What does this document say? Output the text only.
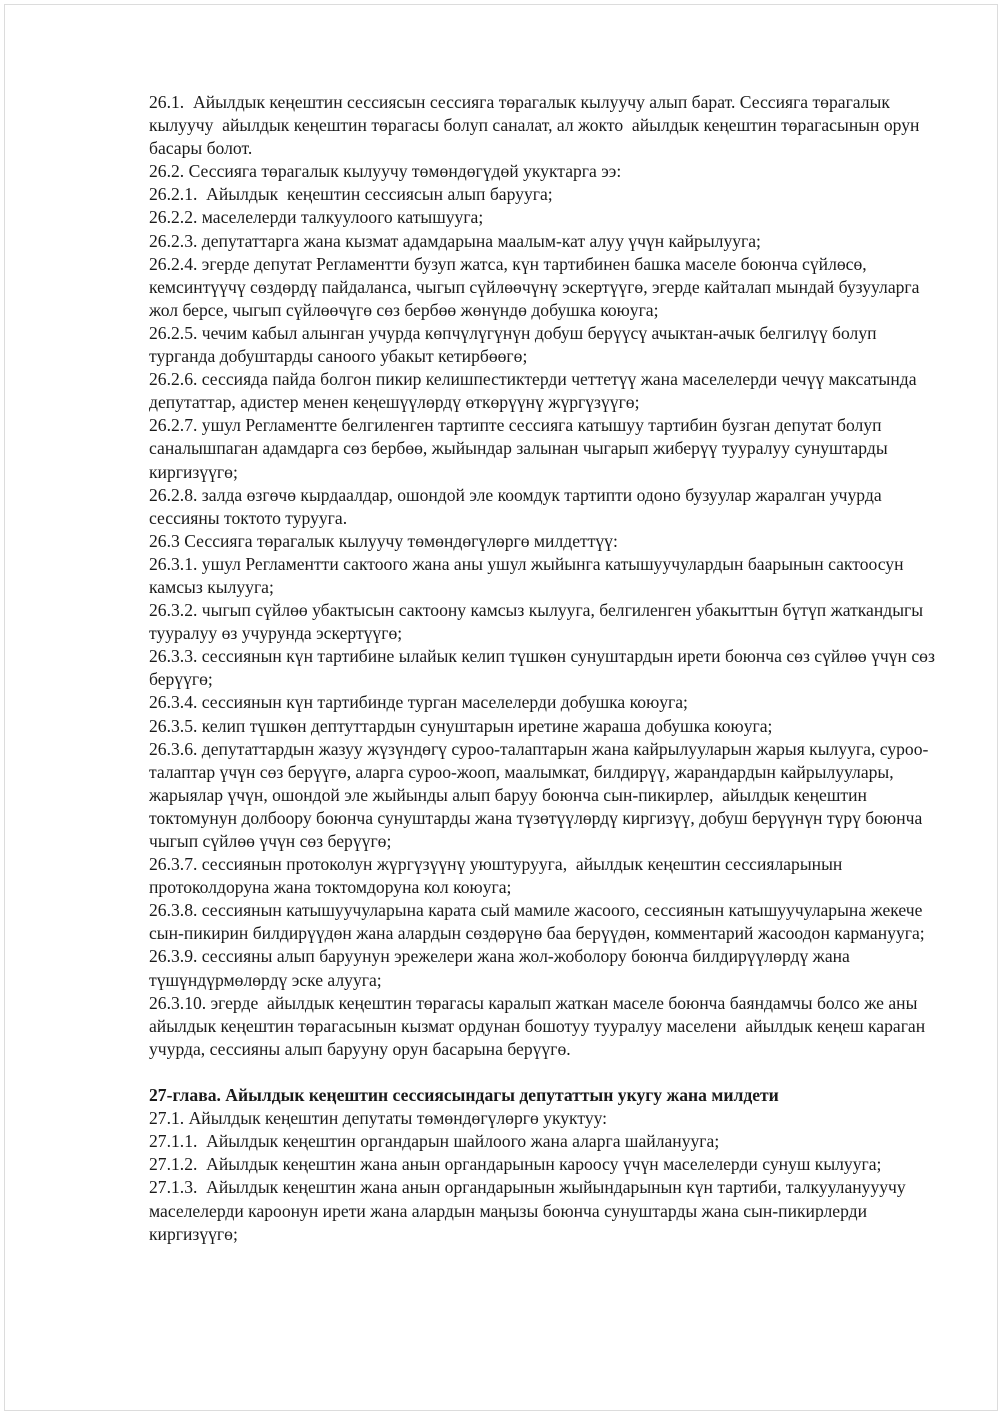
26.1.  Айылдык кеңештин сессиясын сессияга төрагалык кылуучу алып барат. Сессияга төрагалык кылуучу  айылдык кеңештин төрагасы болуп саналат, ал жокто  айылдык кеңештин төрагасынын орун басары болот.

26.2. Сессияга төрагалык кылуучу төмөндөгүдөй укуктарга ээ:

26.2.1.  Айылдык  кеңештин сессиясын алып барууга;

26.2.2. маселелерди талкуулоого катышууга;

26.2.3. депутаттарга жана кызмат адамдарына маалым-кат алуу үчүн кайрылууга;

26.2.4. эгерде депутат Регламентти бузуп жатса, күн тартибинен башка маселе боюнча сүйлөсө, кемсинтүүчү сөздөрдү пайдаланса, чыгып сүйлөөчүнү эскертүүгө, эгерде кайталап мындай бузууларга жол берсе, чыгып сүйлөөчүгө сөз бербөө жөнүндө добушка коюуга;

26.2.5. чечим кабыл алынган учурда көпчүлүгүнүн добуш берүүсү ачыктан-ачык белгилүү болуп турганда добуштарды саноого убакыт кетирбөөгө;

26.2.6. сессияда пайда болгон пикир келишпестиктерди четтетүү жана маселелерди чечүү максатында депутаттар, адистер менен кеңешүүлөрдү өткөрүүнү жүргүзүүгө;

26.2.7. ушул Регламентте белгиленген тартипте сессияга катышуу тартибин бузган депутат болуп саналышпаган адамдарга сөз бербөө, жыйындар залынан чыгарып жиберүү тууралуу сунуштарды киргизүүгө;

26.2.8. залда өзгөчө кырдаалдар, ошондой эле коомдук тартипти одоно бузуулар жаралган учурда сессияны токтото турууга.

26.3 Сессияга төрагалык кылуучу төмөндөгүлөргө милдеттүү:

26.3.1. ушул Регламентти сактоого жана аны ушул жыйынга катышуучулардын баарынын сактоосун камсыз кылууга;

26.3.2. чыгып сүйлөө убактысын сактоону камсыз кылууга, белгиленген убакыттын бүтүп жаткандыгы тууралуу өз учурунда эскертүүгө;

26.3.3. сессиянын күн тартибине ылайык келип түшкөн сунуштардын ирети боюнча сөз сүйлөө үчүн сөз берүүгө;

26.3.4. сессиянын күн тартибинде турган маселелерди добушка коюуга;

26.3.5. келип түшкөн дептуттардын сунуштарын иретине жараша добушка коюуга;

26.3.6. депутаттардын жазуу жүзүндөгү суроо-талаптарын жана кайрылууларын жарыя кылууга, суроо-талаптар үчүн сөз берүүгө, аларга суроо-жооп, маалымкат, билдирүү, жарандардын кайрылуулары, жарыялар үчүн, ошондой эле жыйынды алып баруу боюнча сын-пикирлер,  айылдык кеңештин токтомунун долбоору боюнча сунуштарды жана түзөтүүлөрдү киргизүү, добуш берүүнүн түрү боюнча чыгып сүйлөө үчүн сөз берүүгө;

26.3.7. сессиянын протоколун жүргүзүүнү уюштурууга,  айылдык кеңештин сессияларынын протоколдоруна жана токтомдоруна кол коюуга;

26.3.8. сессиянын катышуучуларына карата сый мамиле жасоого, сессиянын катышуучуларына жекече сын-пикирин билдирүүдөн жана алардын сөздөрүнө баа берүүдөн, комментарий жасоодон карманууга;

26.3.9. сессияны алып баруунун эрежелери жана жол-жоболору боюнча билдирүүлөрдү жана түшүндүрмөлөрдү эске алууга;

26.3.10. эгерде  айылдык кеңештин төрагасы каралып жаткан маселе боюнча баяндамчы болсо же аны  айылдык кеңештин төрагасынын кызмат ордунан бошотуу тууралуу маселени  айылдык кеңеш караган учурда, сессияны алып барууну орун басарына берүүгө.

27-глава. Айылдык кеңештин сессиясындагы депутаттын укугу жана милдети

27.1. Айылдык кеңештин депутаты төмөндөгүлөргө укуктуу:

27.1.1.  Айылдык кеңештин органдарын шайлоого жана аларга шайланууга;

27.1.2.  Айылдык кеңештин жана анын органдарынын кароосу үчүн маселелерди сунуш кылууга;

27.1.3.  Айылдык кеңештин жана анын органдарынын жыйындарынын күн тартиби, талкууланууучу маселелерди кароонун ирети жана алардын маңызы боюнча сунуштарды жана сын-пикирлерди киргизүүгө;
